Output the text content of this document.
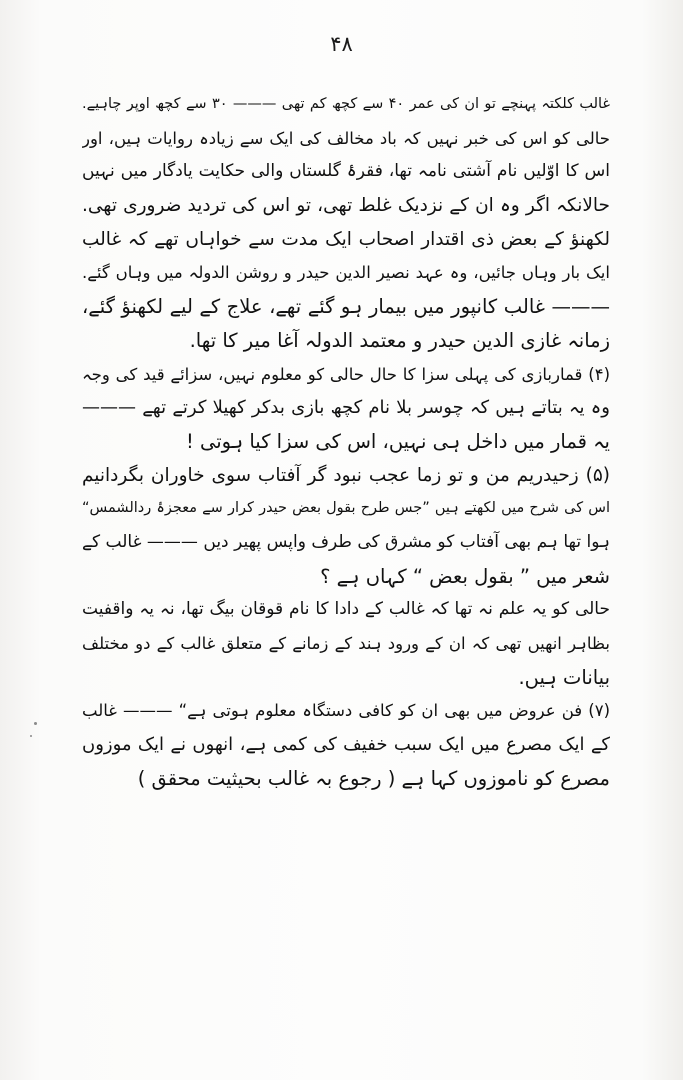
۴۸
غالب کلکتہ پہنچے تو ان کی عمر ۴۰ سے کچھ کم تھی ——— ۳۰ سے کچھ اوپر چاہیے.
حالی کو اس کی خبر نہیں کہ باد مخالف کی ایک سے زیادہ روایات ہیں، اور
اس کا اوّلیں نام آشتی نامہ تھا، فقرۂ گلستاں والی حکایت یادگار میں نہیں
حالانکہ اگر وہ ان کے نزدیک غلط تھی، تو اس کی تردید ضروری تھی.
لکھنؤ کے بعض ذی اقتدار اصحاب ایک مدت سے خواہاں تھے کہ غالب
ایک بار وہاں جائیں، وہ عہد نصیر الدین حیدر و روشن الدولہ میں وہاں گئے.
——— غالب کانپور میں بیمار ہو گئے تھے، علاج کے لیے لکھنؤ گئے،
زمانہ غازی الدین حیدر و معتمد الدولہ آغا میر کا تھا.
(۴) قماربازی کی پہلی سزا کا حال حالی کو معلوم نہیں، سزائے قید کی وجہ
وہ یہ بتاتے ہیں کہ چوسر بلا نام کچھ بازی بدکر کھیلا کرتے تھے ———
یہ قمار میں داخل ہی نہیں، اس کی سزا کیا ہوتی !
(۵) زحیدریم من و تو زما عجب نبود گر آفتاب سوی خاوران بگردانیم
اس کی شرح میں لکھتے ہیں ”جس طرح بقول بعض حیدر کرار سے معجزۂ ردالشمس“
ہوا تھا ہم بھی آفتاب کو مشرق کی طرف واپس پھیر دیں ——— غالب کے
شعر میں ” بقول بعض “ کہاں ہے ؟
حالی کو یہ علم نہ تھا کہ غالب کے دادا کا نام قوقان بیگ تھا، نہ یہ واقفیت
بظاہر انھیں تھی کہ ان کے ورود ہند کے زمانے کے متعلق غالب کے دو مختلف
بیانات ہیں.
(۷) فن عروض میں بھی ان کو کافی دستگاہ معلوم ہوتی ہے“ ——— غالب
کے ایک مصرع میں ایک سبب خفیف کی کمی ہے، انھوں نے ایک موزوں
مصرع کو ناموزوں کہا ہے ( رجوع بہ غالب بحیثیت محقق )
